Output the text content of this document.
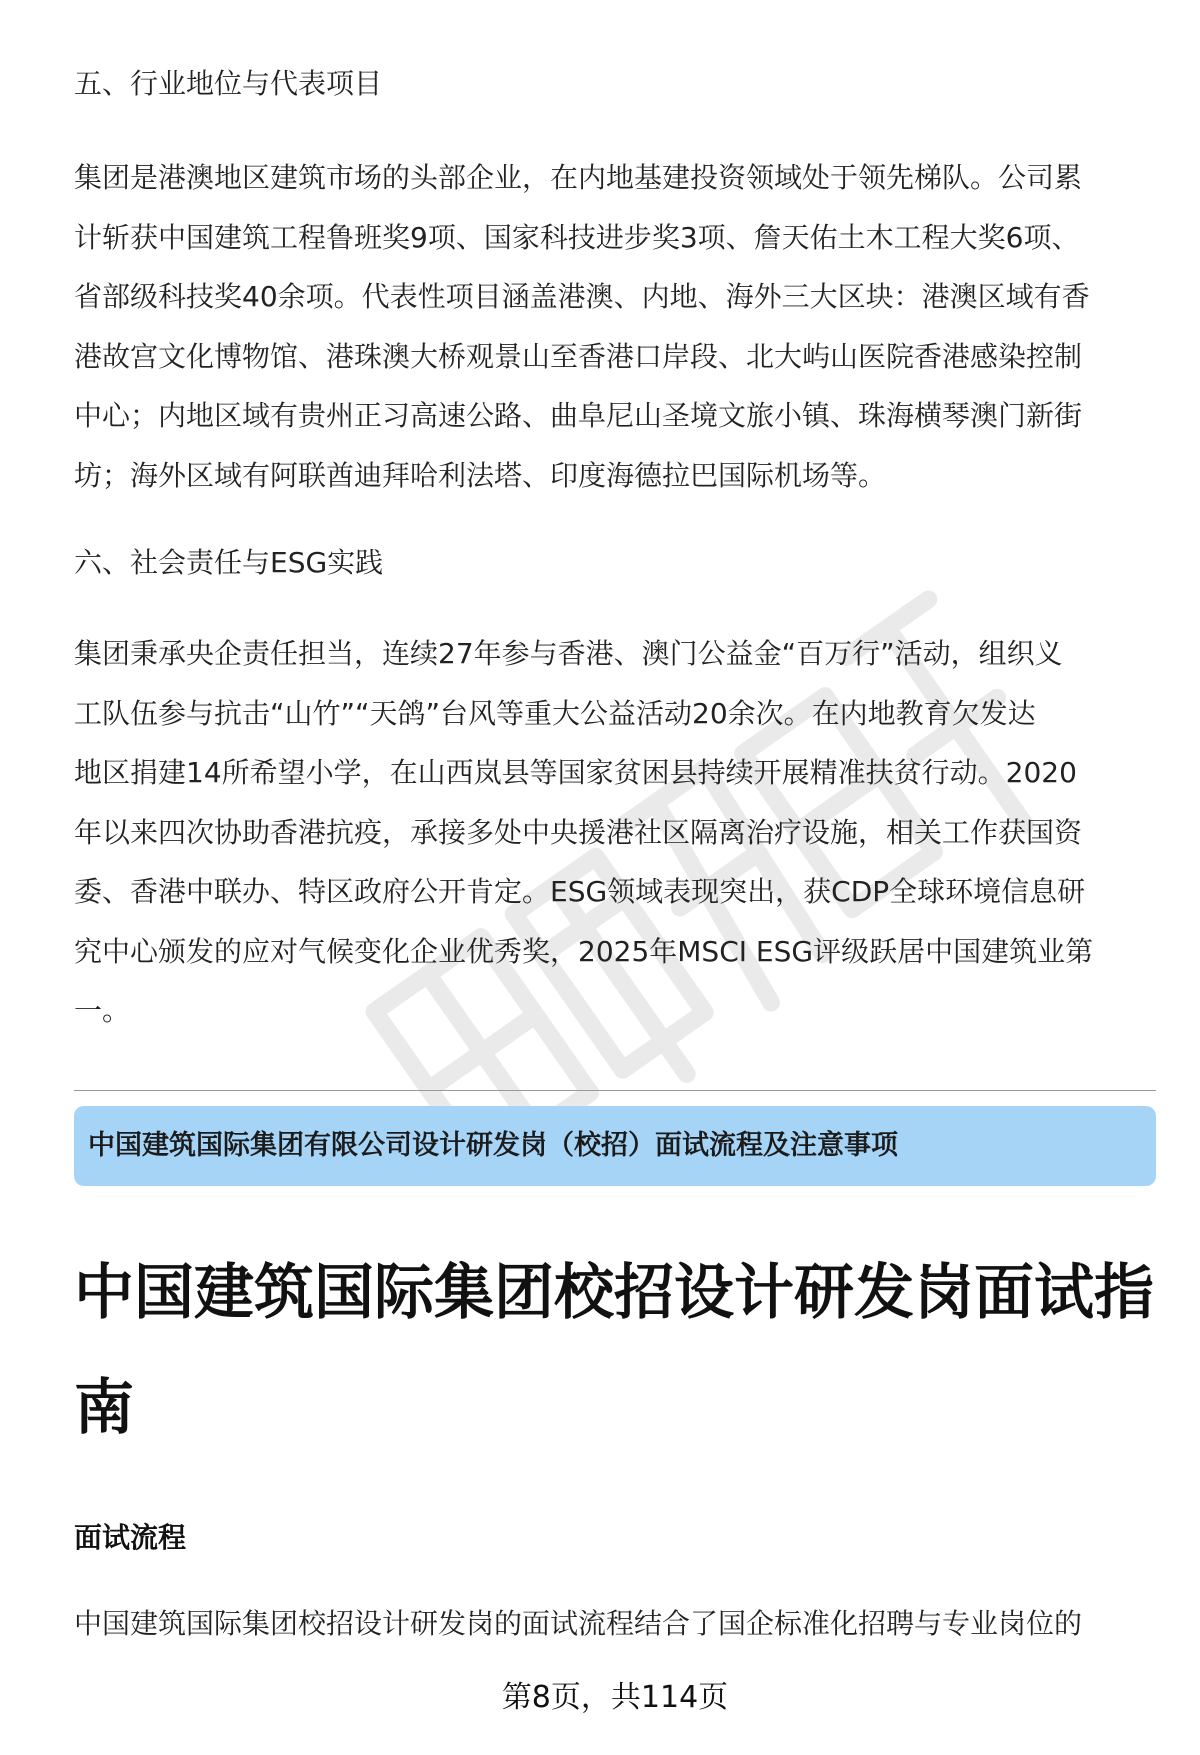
五、行业地位与代表项目
集团是港澳地区建筑市场的头部企业，在内地基建投资领域处于领先梯队。公司累
计斩获中国建筑工程鲁班奖9项、国家科技进步奖3项、詹天佑土木工程大奖6项、
省部级科技奖40余项。代表性项目涵盖港澳、内地、海外三大区块：港澳区域有香
港故宫文化博物馆、港珠澳大桥观景山至香港口岸段、北大屿山医院香港感染控制
中心；内地区域有贵州正习高速公路、曲阜尼山圣境文旅小镇、珠海横琴澳门新街
坊；海外区域有阿联酋迪拜哈利法塔、印度海德拉巴国际机场等。
六、社会责任与ESG实践
集团秉承央企责任担当，连续27年参与香港、澳门公益金“百万行”活动，组织义
工队伍参与抗击“山竹”“天鸽”台风等重大公益活动20余次。在内地教育欠发达
地区捐建14所希望小学，在山西岚县等国家贫困县持续开展精准扶贫行动。2020
年以来四次协助香港抗疫，承接多处中央援港社区隔离治疗设施，相关工作获国资
委、香港中联办、特区政府公开肯定。ESG领域表现突出，获CDP全球环境信息研
究中心颁发的应对气候变化企业优秀奖，2025年MSCI ESG评级跃居中国建筑业第
一。
中国建筑国际集团有限公司设计研发岗（校招）面试流程及注意事项
中国建筑国际集团校招设计研发岗面试指
南
面试流程
中国建筑国际集团校招设计研发岗的面试流程结合了国企标准化招聘与专业岗位的
第8页，共114页
